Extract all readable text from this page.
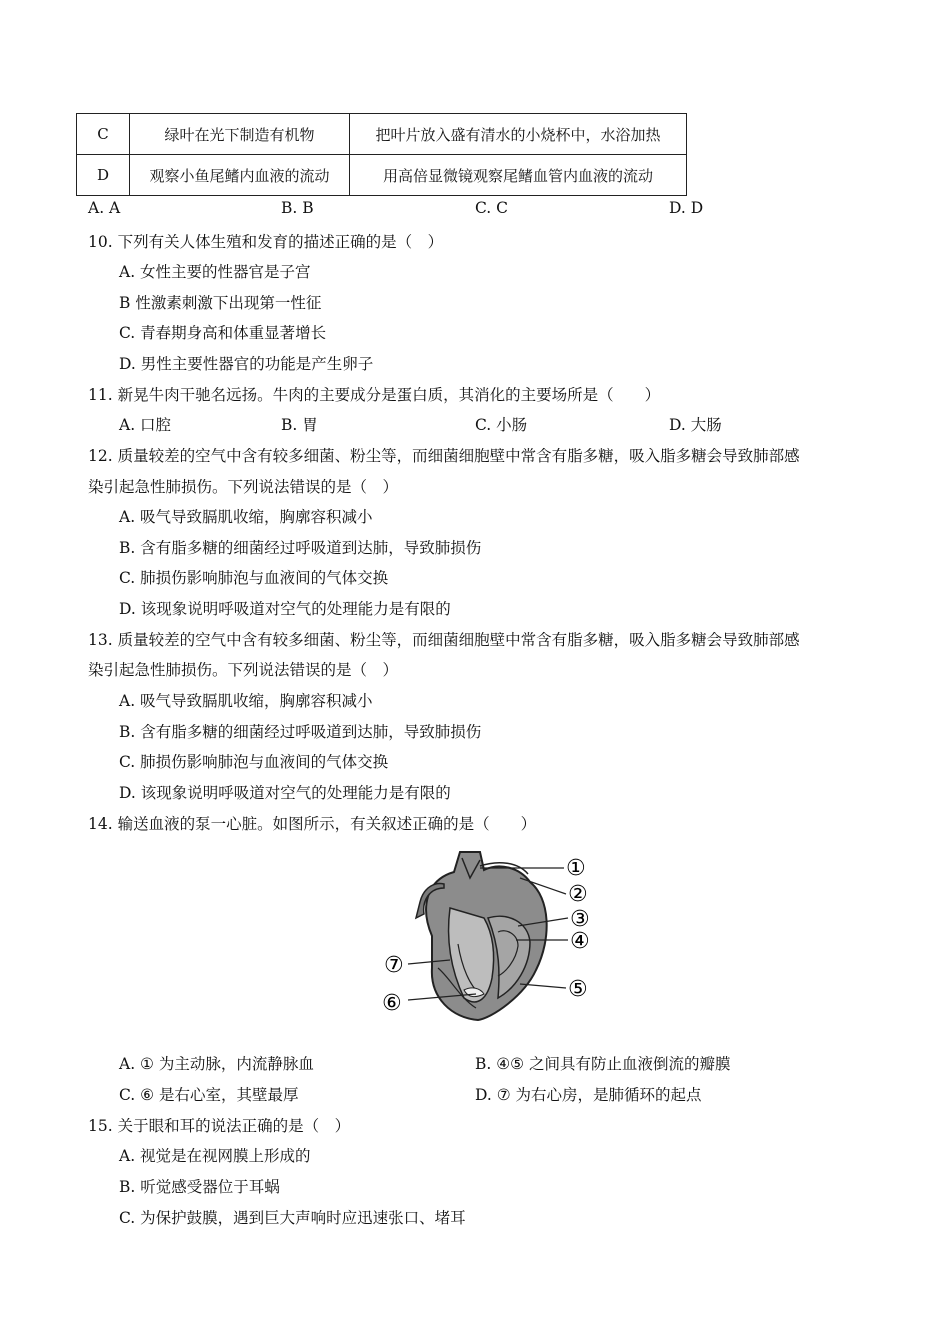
C	绿叶在光下制造有机物	把叶片放入盛有清水的小烧杯中，水浴加热
D	观察小鱼尾鳍内血液的流动	用高倍显微镜观察尾鳍血管内血液的流动
A. A	B. B	C. C	D. D
10. 下列有关人体生殖和发育的描述正确的是（　）
A. 女性主要的性器官是子宫
B 性激素刺激下出现第一性征
C. 青春期身高和体重显著增长
D. 男性主要性器官的功能是产生卵子
11. 新晃牛肉干驰名远扬。牛肉的主要成分是蛋白质，其消化的主要场所是（　　）
A. 口腔	B. 胃	C. 小肠	D. 大肠
12. 质量较差的空气中含有较多细菌、粉尘等，而细菌细胞壁中常含有脂多糖，吸入脂多糖会导致肺部感
染引起急性肺损伤。下列说法错误的是（　）
A. 吸气导致膈肌收缩，胸廓容积减小
B. 含有脂多糖的细菌经过呼吸道到达肺，导致肺损伤
C. 肺损伤影响肺泡与血液间的气体交换
D. 该现象说明呼吸道对空气的处理能力是有限的
13. 质量较差的空气中含有较多细菌、粉尘等，而细菌细胞壁中常含有脂多糖，吸入脂多糖会导致肺部感
染引起急性肺损伤。下列说法错误的是（　）
A. 吸气导致膈肌收缩，胸廓容积减小
B. 含有脂多糖的细菌经过呼吸道到达肺，导致肺损伤
C. 肺损伤影响肺泡与血液间的气体交换
D. 该现象说明呼吸道对空气的处理能力是有限的
14. 输送血液的泵一心脏。如图所示，有关叙述正确的是（　　）
①
②
③
④
⑤
⑥
⑦
A. ① 为主动脉，内流静脉血	B. ④⑤ 之间具有防止血液倒流的瓣膜
C. ⑥ 是右心室，其壁最厚	D. ⑦ 为右心房，是肺循环的起点
15. 关于眼和耳的说法正确的是（　）
A. 视觉是在视网膜上形成的
B. 听觉感受器位于耳蜗
C. 为保护鼓膜，遇到巨大声响时应迅速张口、堵耳
